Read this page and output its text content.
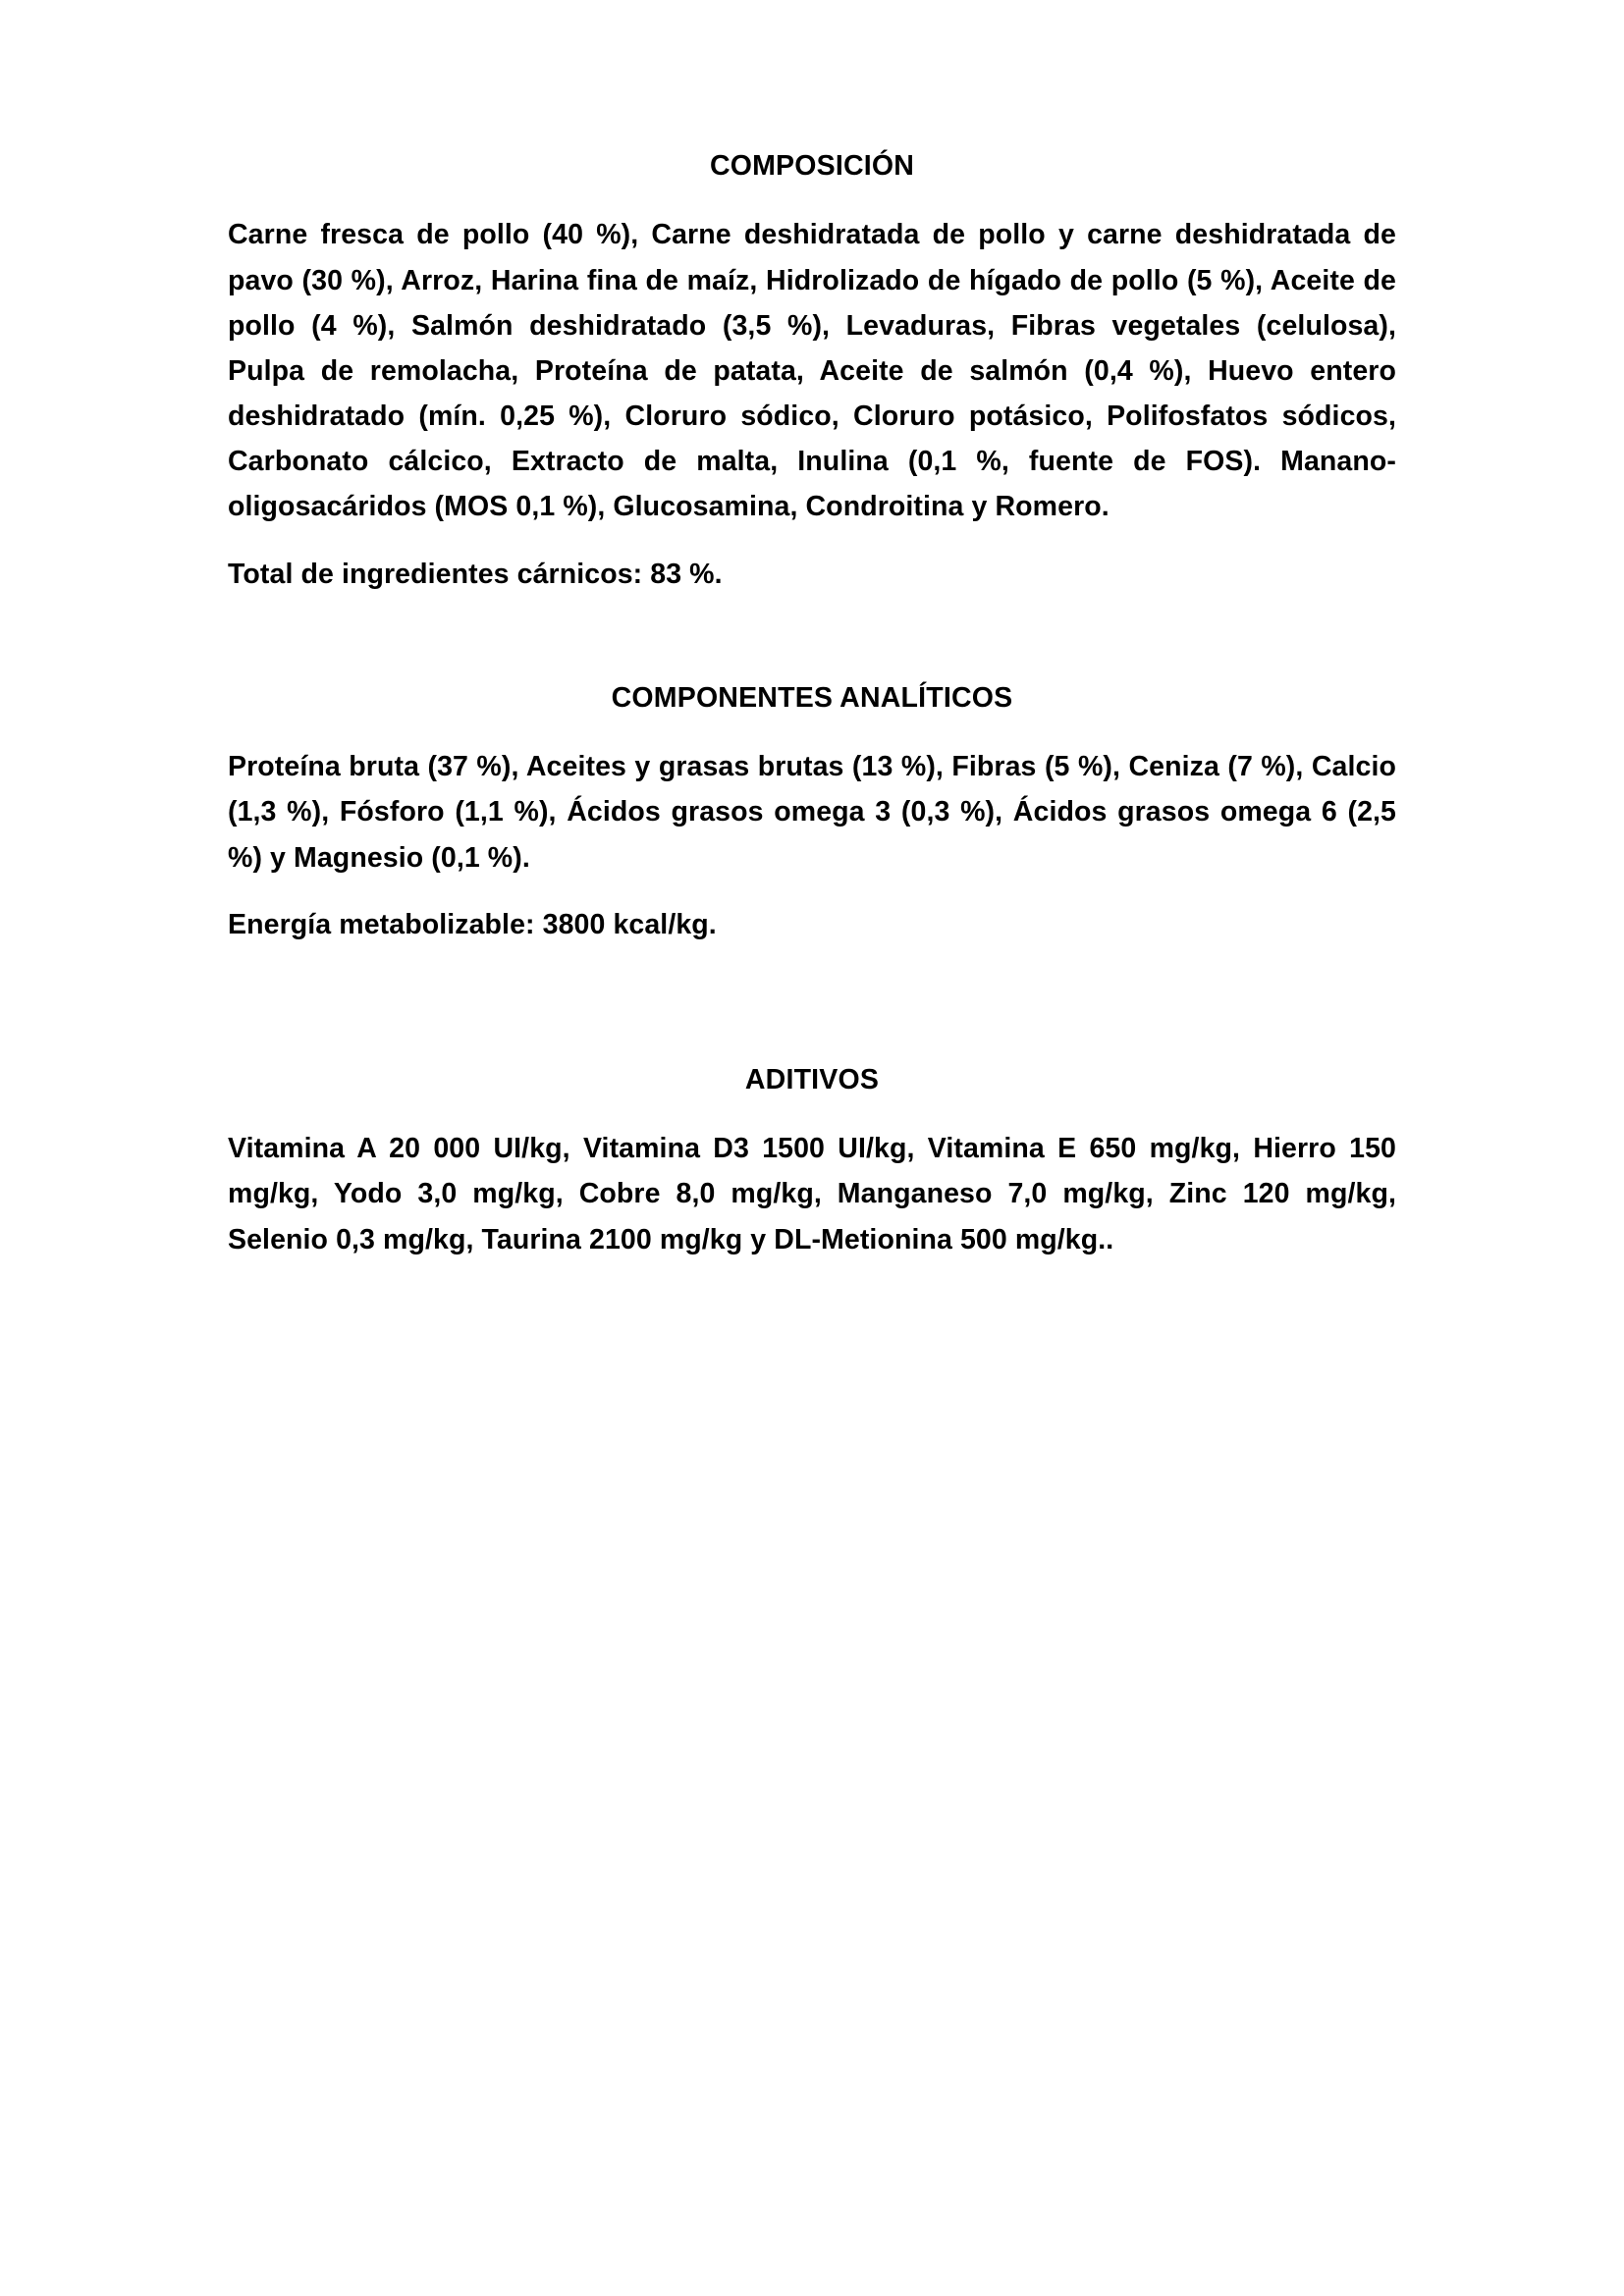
COMPOSICIÓN

Carne fresca de pollo (40 %), Carne deshidratada de pollo y carne deshidratada de pavo (30 %), Arroz, Harina fina de maíz, Hidrolizado de hígado de pollo (5 %), Aceite de pollo (4 %), Salmón deshidratado (3,5 %), Levaduras, Fibras vegetales (celulosa), Pulpa de remolacha, Proteína de patata, Aceite de salmón (0,4 %), Huevo entero deshidratado (mín. 0,25 %), Cloruro sódico, Cloruro potásico, Polifosfatos sódicos, Carbonato cálcico, Extracto de malta, Inulina (0,1 %, fuente de FOS). Manano-oligosacáridos (MOS 0,1 %), Glucosamina, Condroitina y Romero.

Total de ingredientes cárnicos: 83 %.

COMPONENTES ANALÍTICOS

Proteína bruta (37 %), Aceites y grasas brutas (13 %), Fibras (5 %), Ceniza (7 %), Calcio (1,3 %), Fósforo (1,1 %), Ácidos grasos omega 3 (0,3 %), Ácidos grasos omega 6 (2,5 %) y Magnesio (0,1 %).

Energía metabolizable: 3800 kcal/kg.

ADITIVOS

Vitamina A 20 000 UI/kg, Vitamina D3 1500 UI/kg, Vitamina E 650 mg/kg, Hierro 150 mg/kg, Yodo 3,0 mg/kg, Cobre 8,0 mg/kg, Manganeso 7,0 mg/kg, Zinc 120 mg/kg, Selenio 0,3 mg/kg, Taurina 2100 mg/kg y DL-Metionina 500 mg/kg..
